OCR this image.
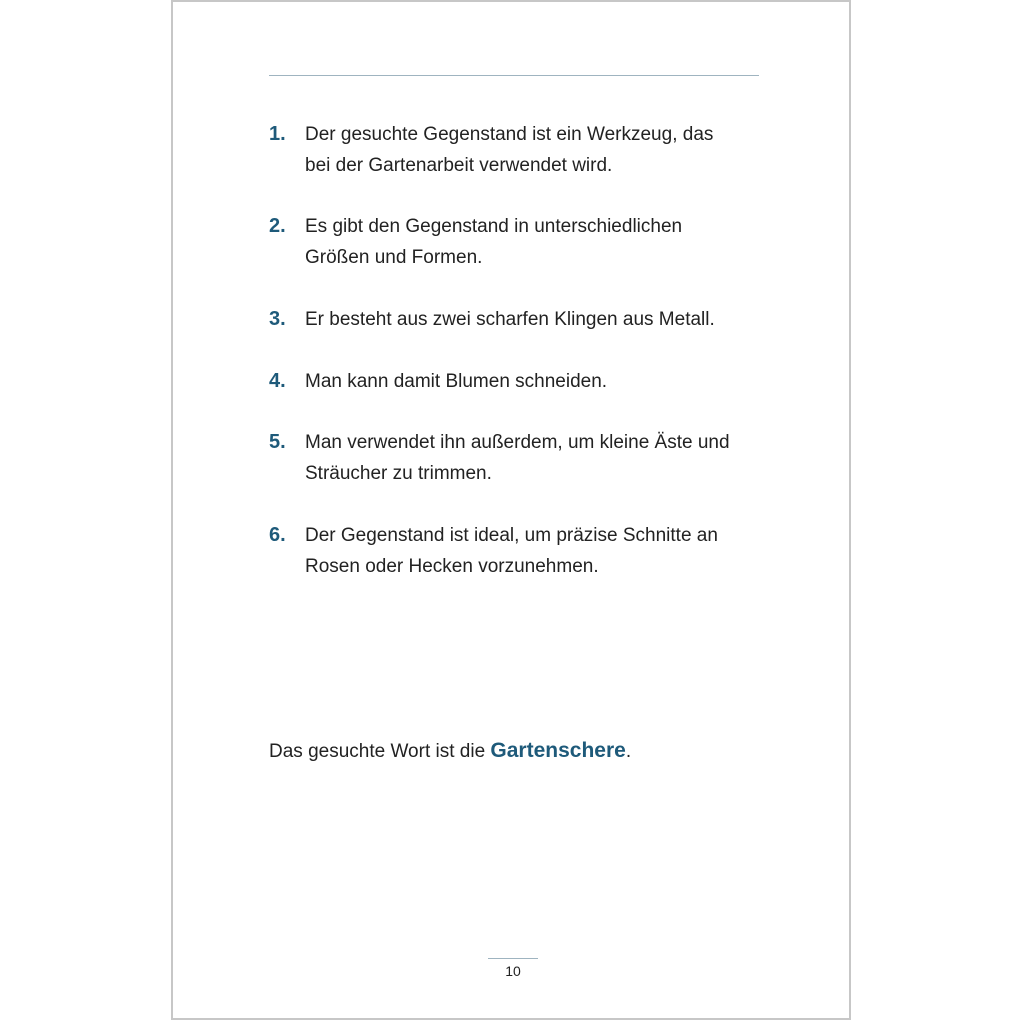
1.	Der gesuchte Gegenstand ist ein Werkzeug, das
bei der Gartenarbeit verwendet wird.
2.	Es gibt den Gegenstand in unterschiedlichen
Größen und Formen.
3.	Er besteht aus zwei scharfen Klingen aus Metall.
4.	Man kann damit Blumen schneiden.
5.	Man verwendet ihn außerdem, um kleine Äste und
Sträucher zu trimmen.
6.	Der Gegenstand ist ideal, um präzise Schnitte an
Rosen oder Hecken vorzunehmen.
Das gesuchte Wort ist die Gartenschere.
10
